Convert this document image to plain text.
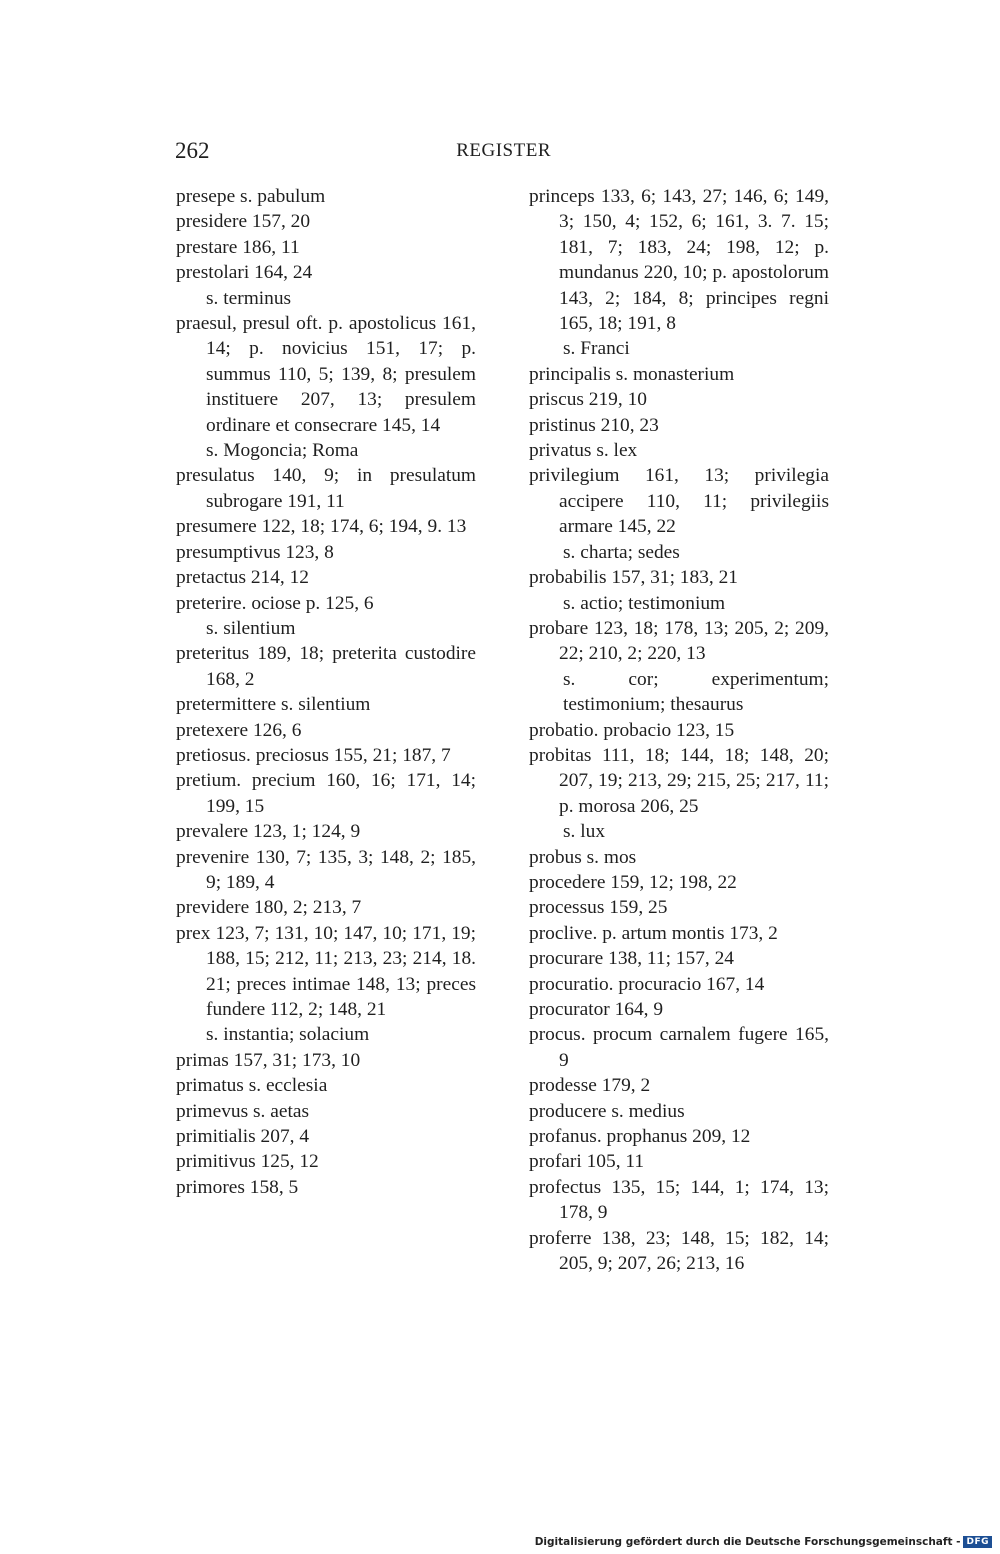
262	REGISTER
presepe s. pabulum
presidere 157, 20
prestare 186, 11
prestolari 164, 24
s. terminus
praesul, presul oft. p. apostolicus 161, 14; p. novicius 151, 17; p. summus 110, 5; 139, 8; presulem instituere 207, 13; presulem ordinare et consecrare 145, 14
s. Mogoncia; Roma
presulatus 140, 9; in presulatum subrogare 191, 11
presumere 122, 18; 174, 6; 194, 9. 13
presumptivus 123, 8
pretactus 214, 12
preterire. ociose p. 125, 6
s. silentium
preteritus 189, 18; preterita custodire 168, 2
pretermittere s. silentium
pretexere 126, 6
pretiosus. preciosus 155, 21; 187, 7
pretium. precium 160, 16; 171, 14; 199, 15
prevalere 123, 1; 124, 9
prevenire 130, 7; 135, 3; 148, 2; 185, 9; 189, 4
previdere 180, 2; 213, 7
prex 123, 7; 131, 10; 147, 10; 171, 19; 188, 15; 212, 11; 213, 23; 214, 18. 21; preces intimae 148, 13; preces fundere 112, 2; 148, 21
s. instantia; solacium
primas 157, 31; 173, 10
primatus s. ecclesia
primevus s. aetas
primitialis 207, 4
primitivus 125, 12
primores 158, 5
princeps 133, 6; 143, 27; 146, 6; 149, 3; 150, 4; 152, 6; 161, 3. 7. 15; 181, 7; 183, 24; 198, 12; p. mundanus 220, 10; p. apostolorum 143, 2; 184, 8; principes regni 165, 18; 191, 8
s. Franci
principalis s. monasterium
priscus 219, 10
pristinus 210, 23
privatus s. lex
privilegium 161, 13; privilegia accipere 110, 11; privilegiis armare 145, 22
s. charta; sedes
probabilis 157, 31; 183, 21
s. actio; testimonium
probare 123, 18; 178, 13; 205, 2; 209, 22; 210, 2; 220, 13
s. cor; experimentum; testimonium; thesaurus
probatio. probacio 123, 15
probitas 111, 18; 144, 18; 148, 20; 207, 19; 213, 29; 215, 25; 217, 11; p. morosa 206, 25
s. lux
probus s. mos
procedere 159, 12; 198, 22
processus 159, 25
proclive. p. artum montis 173, 2
procurare 138, 11; 157, 24
procuratio. procuracio 167, 14
procurator 164, 9
procus. procum carnalem fugere 165, 9
prodesse 179, 2
producere s. medius
profanus. prophanus 209, 12
profari 105, 11
profectus 135, 15; 144, 1; 174, 13; 178, 9
proferre 138, 23; 148, 15; 182, 14; 205, 9; 207, 26; 213, 16
Digitalisierung gefördert durch die Deutsche Forschungsgemeinschaft - DFG
